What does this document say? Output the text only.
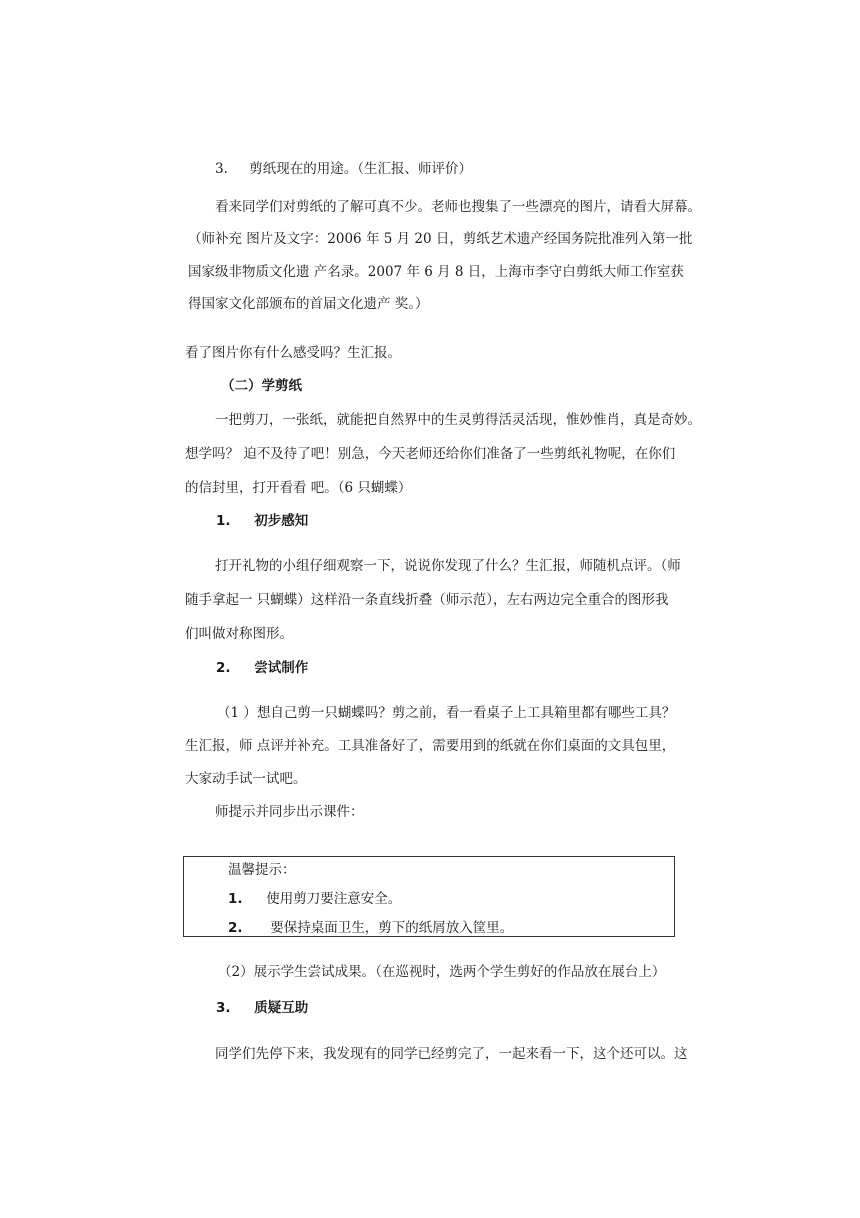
3. 剪纸现在的用途。（生汇报、师评价）
看来同学们对剪纸的了解可真不少。老师也搜集了一些漂亮的图片，请看大屏幕。
（师补充 图片及文字：2006 年 5 月 20 日，剪纸艺术遗产经国务院批准列入第一批
国家级非物质文化遗 产名录。2007 年 6 月 8 日，上海市李守白剪纸大师工作室获
得国家文化部颁布的首届文化遗产 奖。）
看了图片你有什么感受吗？生汇报。
（二）学剪纸
一把剪刀，一张纸，就能把自然界中的生灵剪得活灵活现，惟妙惟肖，真是奇妙。
想学吗？ 迫不及待了吧！别急，今天老师还给你们准备了一些剪纸礼物呢，在你们
的信封里，打开看看 吧。（6 只蝴蝶）
1. 初步感知
打开礼物的小组仔细观察一下，说说你发现了什么？生汇报，师随机点评。（师
随手拿起一 只蝴蝶）这样沿一条直线折叠（师示范），左右两边完全重合的图形我
们叫做对称图形。
2. 尝试制作
（1 ）想自己剪一只蝴蝶吗？剪之前，看一看桌子上工具箱里都有哪些工具？
生汇报，师 点评并补充。工具准备好了，需要用到的纸就在你们桌面的文具包里，
大家动手试一试吧。
师提示并同步出示课件：
温馨提示：
1. 使用剪刀要注意安全。
2. 要保持桌面卫生，剪下的纸屑放入筐里。
（2）展示学生尝试成果。（在巡视时，选两个学生剪好的作品放在展台上）
3. 质疑互助
同学们先停下来，我发现有的同学已经剪完了，一起来看一下，这个还可以。这
